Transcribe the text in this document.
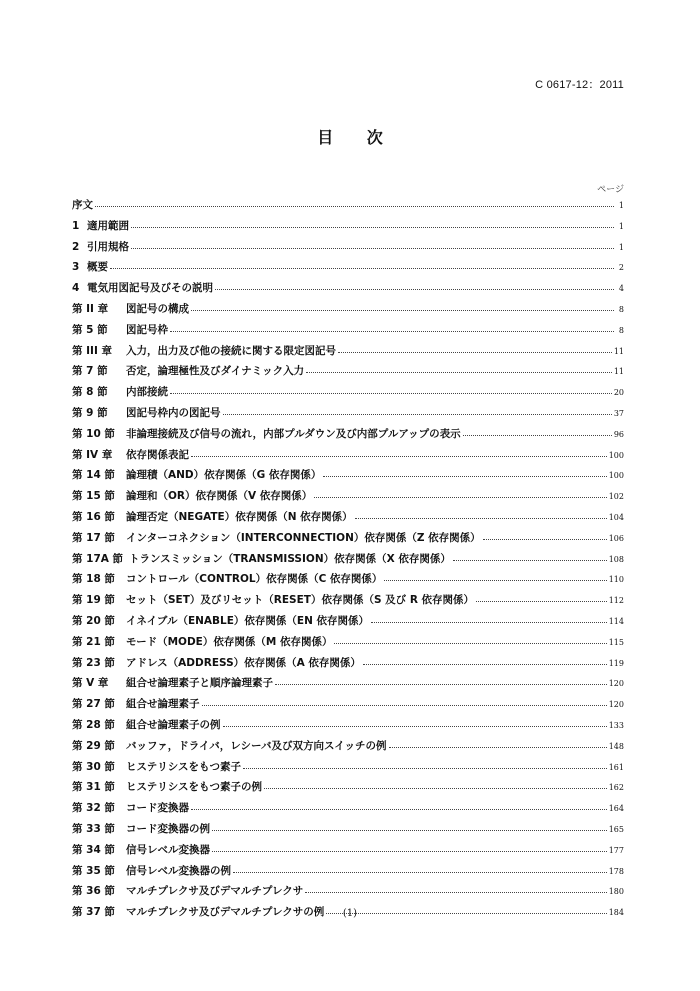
C 0617-12：2011
目 次
ページ
序文	1
1 適用範囲	1
2 引用規格	1
3 概要	2
4 電気用図記号及びその説明	4
第 II 章	図記号の構成	8
第 5 節	図記号枠	8
第 III 章	入力，出力及び他の接続に関する限定図記号	11
第 7 節	否定，論理極性及びダイナミック入力	11
第 8 節	内部接続	20
第 9 節	図記号枠内の図記号	37
第 10 節	非論理接続及び信号の流れ，内部プルダウン及び内部プルアップの表示	96
第 IV 章	依存関係表記	100
第 14 節	論理積（AND）依存関係（G 依存関係）	100
第 15 節	論理和（OR）依存関係（V 依存関係）	102
第 16 節	論理否定（NEGATE）依存関係（N 依存関係）	104
第 17 節	インターコネクション（INTERCONNECTION）依存関係（Z 依存関係）	106
第 17A 節 トランスミッション（TRANSMISSION）依存関係（X 依存関係）	108
第 18 節	コントロール（CONTROL）依存関係（C 依存関係）	110
第 19 節	セット（SET）及びリセット（RESET）依存関係（S 及び R 依存関係）	112
第 20 節	イネイブル（ENABLE）依存関係（EN 依存関係）	114
第 21 節	モード（MODE）依存関係（M 依存関係）	115
第 23 節	アドレス（ADDRESS）依存関係（A 依存関係）	119
第 V 章	組合せ論理素子と順序論理素子	120
第 27 節	組合せ論理素子	120
第 28 節	組合せ論理素子の例	133
第 29 節	バッファ，ドライバ，レシーバ及び双方向スイッチの例	148
第 30 節	ヒステリシスをもつ素子	161
第 31 節	ヒステリシスをもつ素子の例	162
第 32 節	コード変換器	164
第 33 節	コード変換器の例	165
第 34 節	信号レベル変換器	177
第 35 節	信号レベル変換器の例	178
第 36 節	マルチプレクサ及びデマルチプレクサ	180
第 37 節	マルチプレクサ及びデマルチプレクサの例	184
(1)
